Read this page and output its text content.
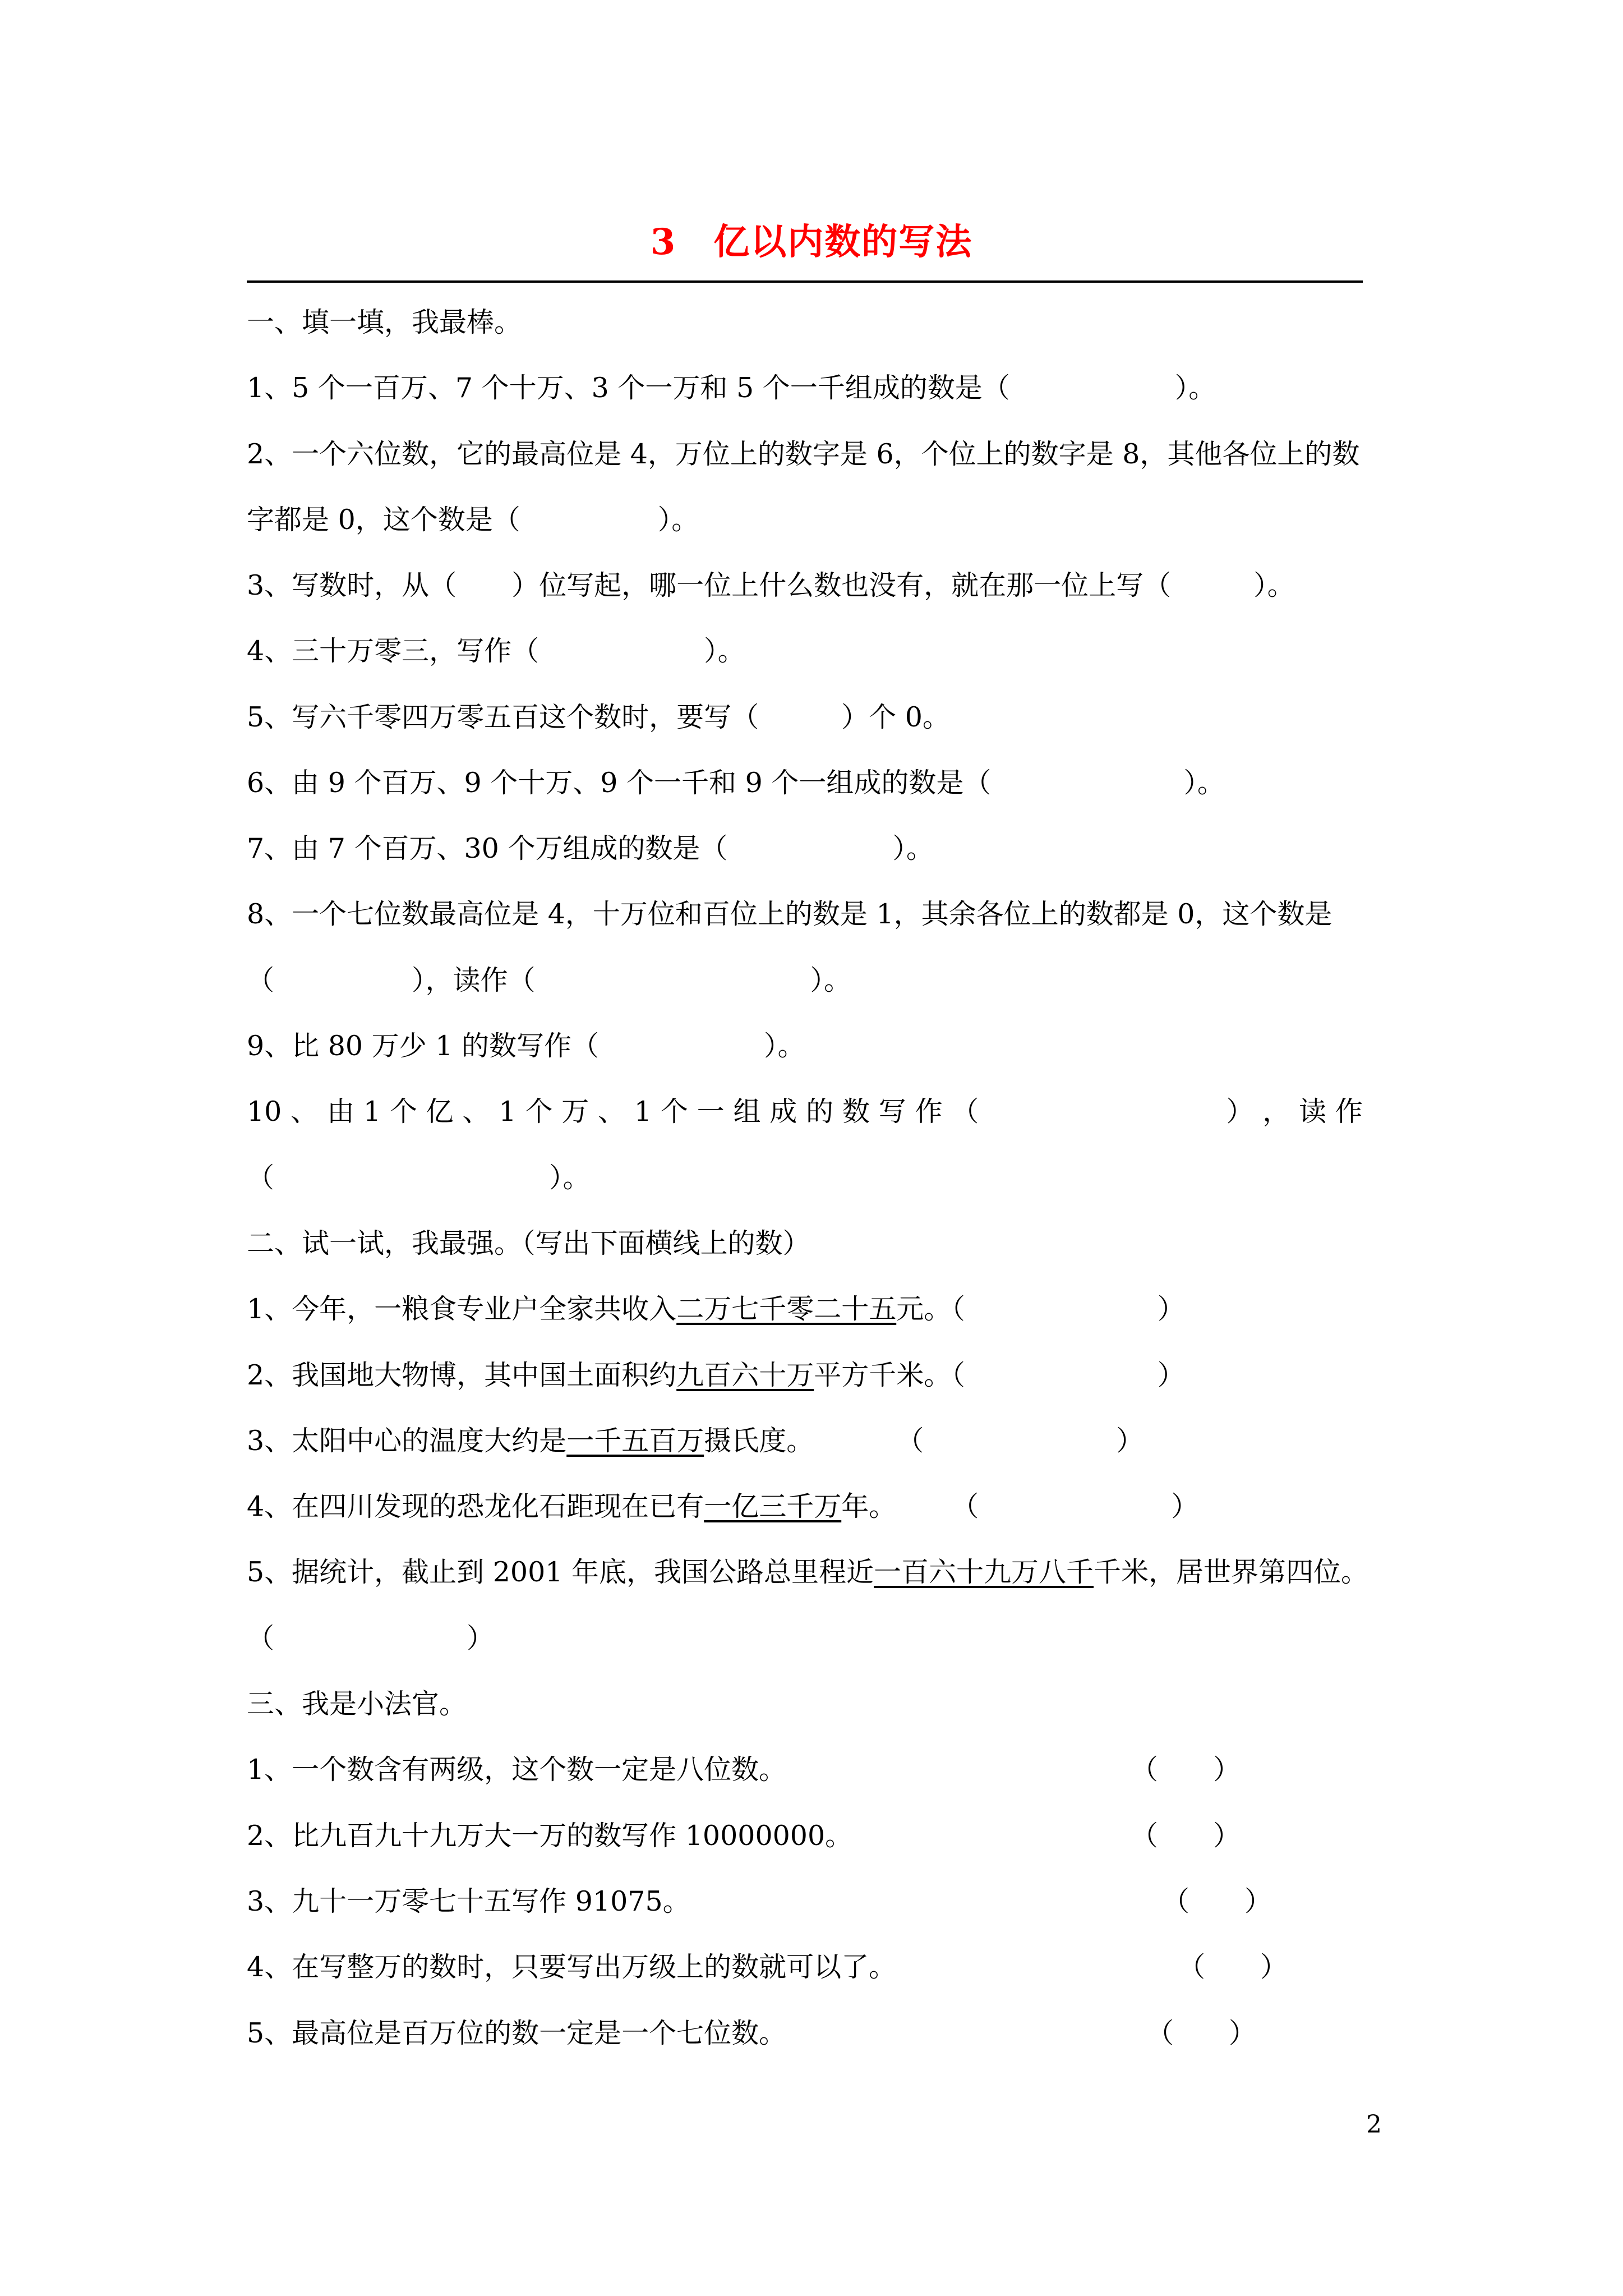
3　亿以内数的写法
一、填一填，我最棒。
1、5 个一百万、7 个十万、3 个一万和 5 个一千组成的数是（　　　　　　）。
2、一个六位数，它的最高位是 4，万位上的数字是 6，个位上的数字是 8，其他各位上的数
字都是 0，这个数是（　　　　　）。
3、写数时，从（　　）位写起，哪一位上什么数也没有，就在那一位上写（　　　）。
4、三十万零三，写作（　　　　　　）。
5、写六千零四万零五百这个数时，要写（　　　）个 0。
6、由 9 个百万、9 个十万、9 个一千和 9 个一组成的数是（　　　　　　　）。
7、由 7 个百万、30 个万组成的数是（　　　　　　）。
8、一个七位数最高位是 4，十万位和百位上的数是 1，其余各位上的数都是 0，这个数是
（　　　　　），读作（　　　　　　　　　　）。
9、比 80 万少 1 的数写作（　　　　　　）。
10 、 由 1 个 亿 、 1 个 万 、 1 个 一 组 成 的 数 写 作 （　　　　　　　　　） ， 读 作
（　　　　　　　　　　）。
二、试一试，我最强。（写出下面横线上的数）
1、今年，一粮食专业户全家共收入二万七千零二十五元。（　　　　　　　）
2、我国地大物博，其中国土面积约九百六十万平方千米。（　　　　　　　）
3、太阳中心的温度大约是一千五百万摄氏度。　　　　（　　　　　　　）
4、在四川发现的恐龙化石距现在已有一亿三千万年。　　　（　　　　　　　）
5、据统计，截止到 2001 年底，我国公路总里程近一百六十九万八千千米，居世界第四位。
（　　　　　　　）
三、我是小法官。
1、一个数含有两级，这个数一定是八位数。	（　　）
2、比九百九十九万大一万的数写作 10000000。	（　　）
3、九十一万零七十五写作 91075。	（　　）
4、在写整万的数时，只要写出万级上的数就可以了。	（　　）
5、最高位是百万位的数一定是一个七位数。	（　　）
2
